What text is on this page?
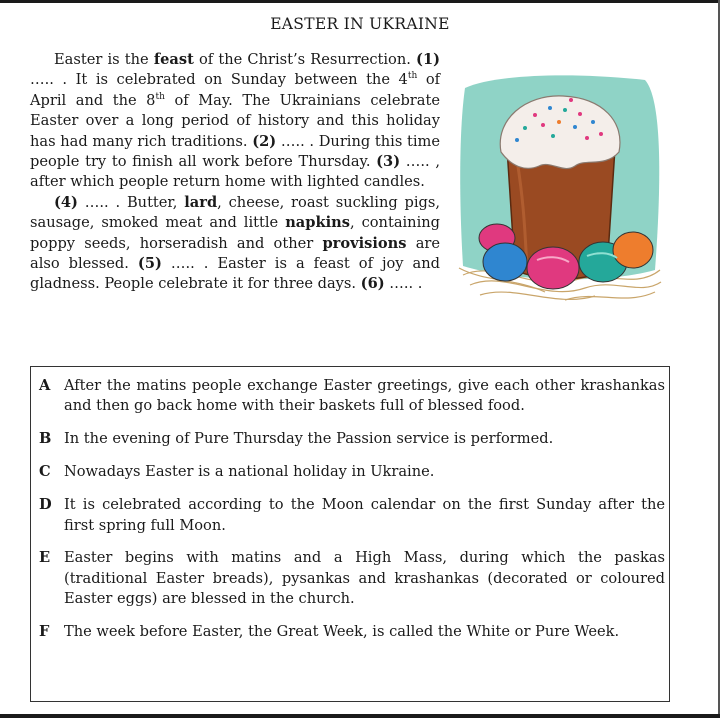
EASTER IN UKRAINE

Easter is the feast of the Christ’s Resurrection. (1) ….. . It is celebrated on Sunday between the 4th of April and the 8th of May. The Ukrainians celebrate Easter over a long period of history and this holiday has had many rich traditions. (2) ….. . During this time people try to finish all work before Thursday. (3) ….. , after which people return home with lighted candles.

(4) ….. . Butter, lard, cheese, roast suckling pigs, sausage, smoked meat and little napkins, containing poppy seeds, horseradish and other provisions are also blessed. (5) ….. . Easter is a feast of joy and gladness. People celebrate it for three days. (6) ….. .

A After the matins people exchange Easter greetings, give each other krashankas and then go back home with their baskets full of blessed food.
B In the evening of Pure Thursday the Passion service is performed.
C Nowadays Easter is a national holiday in Ukraine.
D It is celebrated according to the Moon calendar on the first Sunday after the first spring full Moon.
E Easter begins with matins and a High Mass, during which the paskas (traditional Easter breads), pysankas and krashankas (decorated or coloured Easter eggs) are blessed in the church.
F	The week before Easter, the Great Week, is called the White or Pure Week.
